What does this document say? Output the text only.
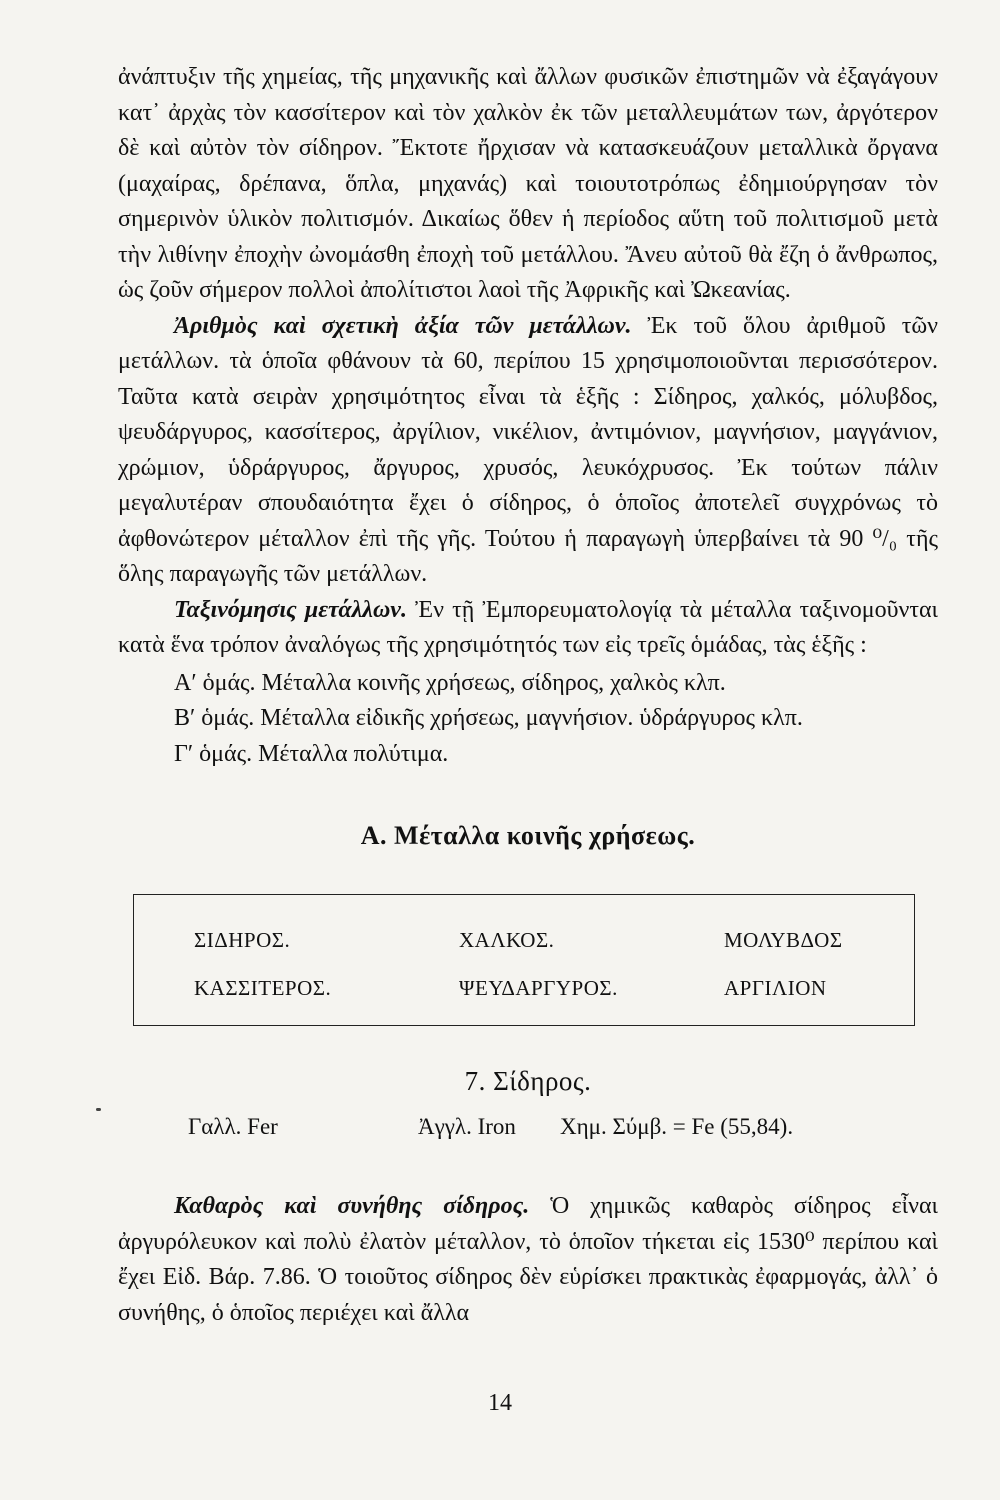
ἀνάπτυξιν τῆς χημείας, τῆς μηχανικῆς καὶ ἄλλων φυσικῶν ἐπιστημῶν νὰ ἐξαγάγουν κατ᾽ ἀρχὰς τὸν κασσίτερον καὶ τὸν χαλκὸν ἐκ τῶν μεταλλευμάτων των, ἀργότερον δὲ καὶ αὐτὸν τὸν σίδηρον. Ἔκτοτε ἤρχισαν νὰ κατασκευάζουν μεταλλικὰ ὄργανα (μαχαίρας, δρέπανα, ὅπλα, μηχανάς) καὶ τοιουτοτρόπως ἐδημιούργησαν τὸν σημερινὸν ὑλικὸν πολιτισμόν. Δικαίως ὅθεν ἡ περίοδος αὕτη τοῦ πολιτισμοῦ μετὰ τὴν λιθίνην ἐποχὴν ὠνομάσθη ἐποχὴ τοῦ μετάλλου. Ἄνευ αὐτοῦ θὰ ἔζη ὁ ἄνθρωπος, ὡς ζοῦν σήμερον πολλοὶ ἀπολίτιστοι λαοὶ τῆς Ἀφρικῆς καὶ Ὠκεανίας.

Ἀριθμὸς καὶ σχετικὴ ἀξία τῶν μετάλλων. Ἐκ τοῦ ὅλου ἀριθμοῦ τῶν μετάλλων. τὰ ὁποῖα φθάνουν τὰ 60, περίπου 15 χρησιμοποιοῦνται περισσότερον. Ταῦτα κατὰ σειρὰν χρησιμότητος εἶναι τὰ ἑξῆς : Σίδηρος, χαλκός, μόλυβδος, ψευδάργυρος, κασσίτερος, ἀργίλιον, νικέλιον, ἀντιμόνιον, μαγνήσιον, μαγγάνιον, χρώμιον, ὑδράργυρος, ἄργυρος, χρυσός, λευκόχρυσος. Ἐκ τούτων πάλιν μεγαλυτέραν σπουδαιότητα ἔχει ὁ σίδηρος, ὁ ὁποῖος ἀποτελεῖ συγχρόνως τὸ ἀφθονώτερον μέταλλον ἐπὶ τῆς γῆς. Τούτου ἡ παραγωγὴ ὑπερβαίνει τὰ 90 ⁰/₀ τῆς ὅλης παραγωγῆς τῶν μετάλλων.

Ταξινόμησις μετάλλων. Ἐν τῇ Ἐμπορευματολογίᾳ τὰ μέταλλα ταξινομοῦνται κατὰ ἕνα τρόπον ἀναλόγως τῆς χρησιμότητός των εἰς τρεῖς ὁμάδας, τὰς ἑξῆς :

Α′ ὁμάς. Μέταλλα κοινῆς χρήσεως, σίδηρος, χαλκὸς κλπ.
Β′ ὁμάς. Μέταλλα εἰδικῆς χρήσεως, μαγνήσιον. ὑδράργυρος κλπ.
Γ′ ὁμάς. Μέταλλα πολύτιμα.
Α. Μέταλλα κοινῆς χρήσεως.
ΣΙΔΗΡΟΣ.	ΧΑΛΚΟΣ.	ΜΟΛΥΒΔΟΣ
ΚΑΣΣΙΤΕΡΟΣ.	ΨΕΥΔΑΡΓΥΡΟΣ.	ΑΡΓΙΛΙΟΝ
7. Σίδηρος.
Γαλλ. Fer	Ἀγγλ. Iron Χημ. Σύμβ. = Fe (55,84).

Καθαρὸς καὶ συνήθης σίδηρος. Ὁ χημικῶς καθαρὸς σίδηρος εἶναι ἀργυρόλευκον καὶ πολὺ ἐλατὸν μέταλλον, τὸ ὁποῖον τήκεται εἰς 1530⁰ περίπου καὶ ἔχει Εἰδ. Βάρ. 7.86. Ὁ τοιοῦτος σίδηρος δὲν εὑρίσκει πρακτικὰς ἐφαρμογάς, ἀλλ᾽ ὁ συνήθης, ὁ ὁποῖος περιέχει καὶ ἄλλα

14
